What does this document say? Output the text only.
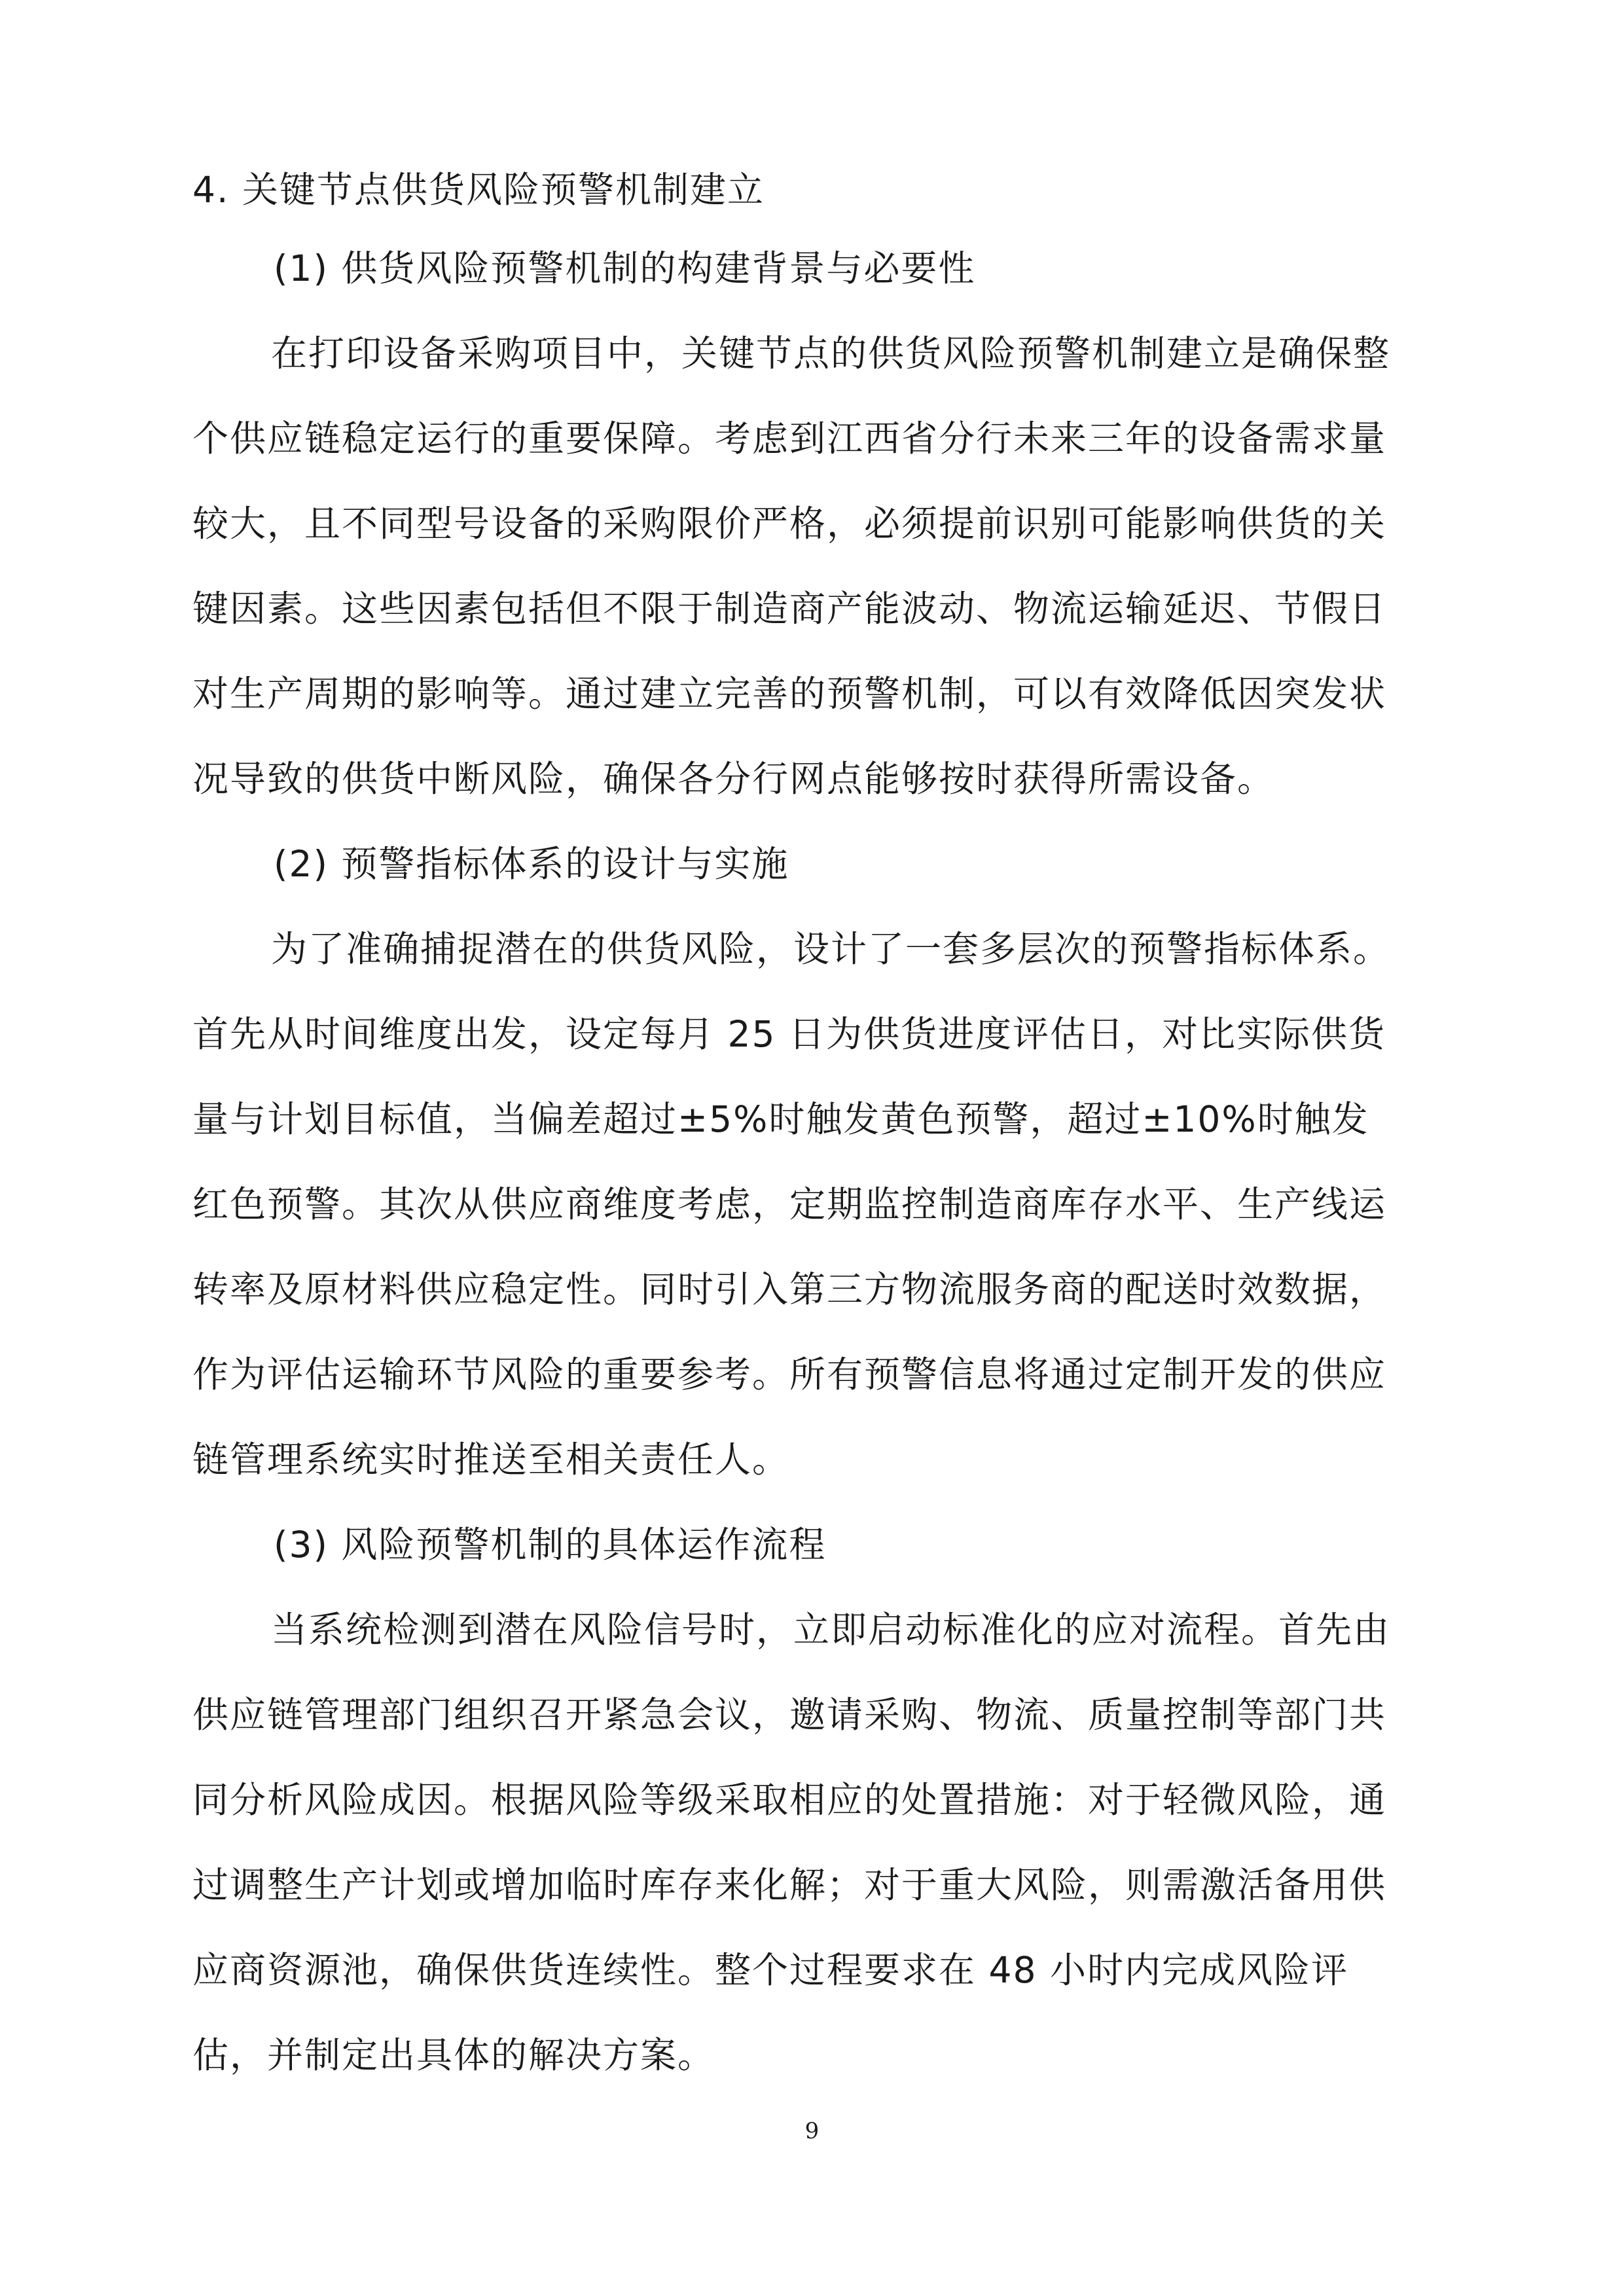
4. 关键节点供货风险预警机制建立
(1) 供货风险预警机制的构建背景与必要性
在打印设备采购项目中，关键节点的供货风险预警机制建立是确保整
个供应链稳定运行的重要保障。考虑到江西省分行未来三年的设备需求量
较大，且不同型号设备的采购限价严格，必须提前识别可能影响供货的关
键因素。这些因素包括但不限于制造商产能波动、物流运输延迟、节假日
对生产周期的影响等。通过建立完善的预警机制，可以有效降低因突发状
况导致的供货中断风险，确保各分行网点能够按时获得所需设备。
(2) 预警指标体系的设计与实施
为了准确捕捉潜在的供货风险，设计了一套多层次的预警指标体系。
首先从时间维度出发，设定每月 25 日为供货进度评估日，对比实际供货
量与计划目标值，当偏差超过±5%时触发黄色预警，超过±10%时触发
红色预警。其次从供应商维度考虑，定期监控制造商库存水平、生产线运
转率及原材料供应稳定性。同时引入第三方物流服务商的配送时效数据，
作为评估运输环节风险的重要参考。所有预警信息将通过定制开发的供应
链管理系统实时推送至相关责任人。
(3) 风险预警机制的具体运作流程
当系统检测到潜在风险信号时，立即启动标准化的应对流程。首先由
供应链管理部门组织召开紧急会议，邀请采购、物流、质量控制等部门共
同分析风险成因。根据风险等级采取相应的处置措施：对于轻微风险，通
过调整生产计划或增加临时库存来化解；对于重大风险，则需激活备用供
应商资源池，确保供货连续性。整个过程要求在 48 小时内完成风险评
估，并制定出具体的解决方案。
9
